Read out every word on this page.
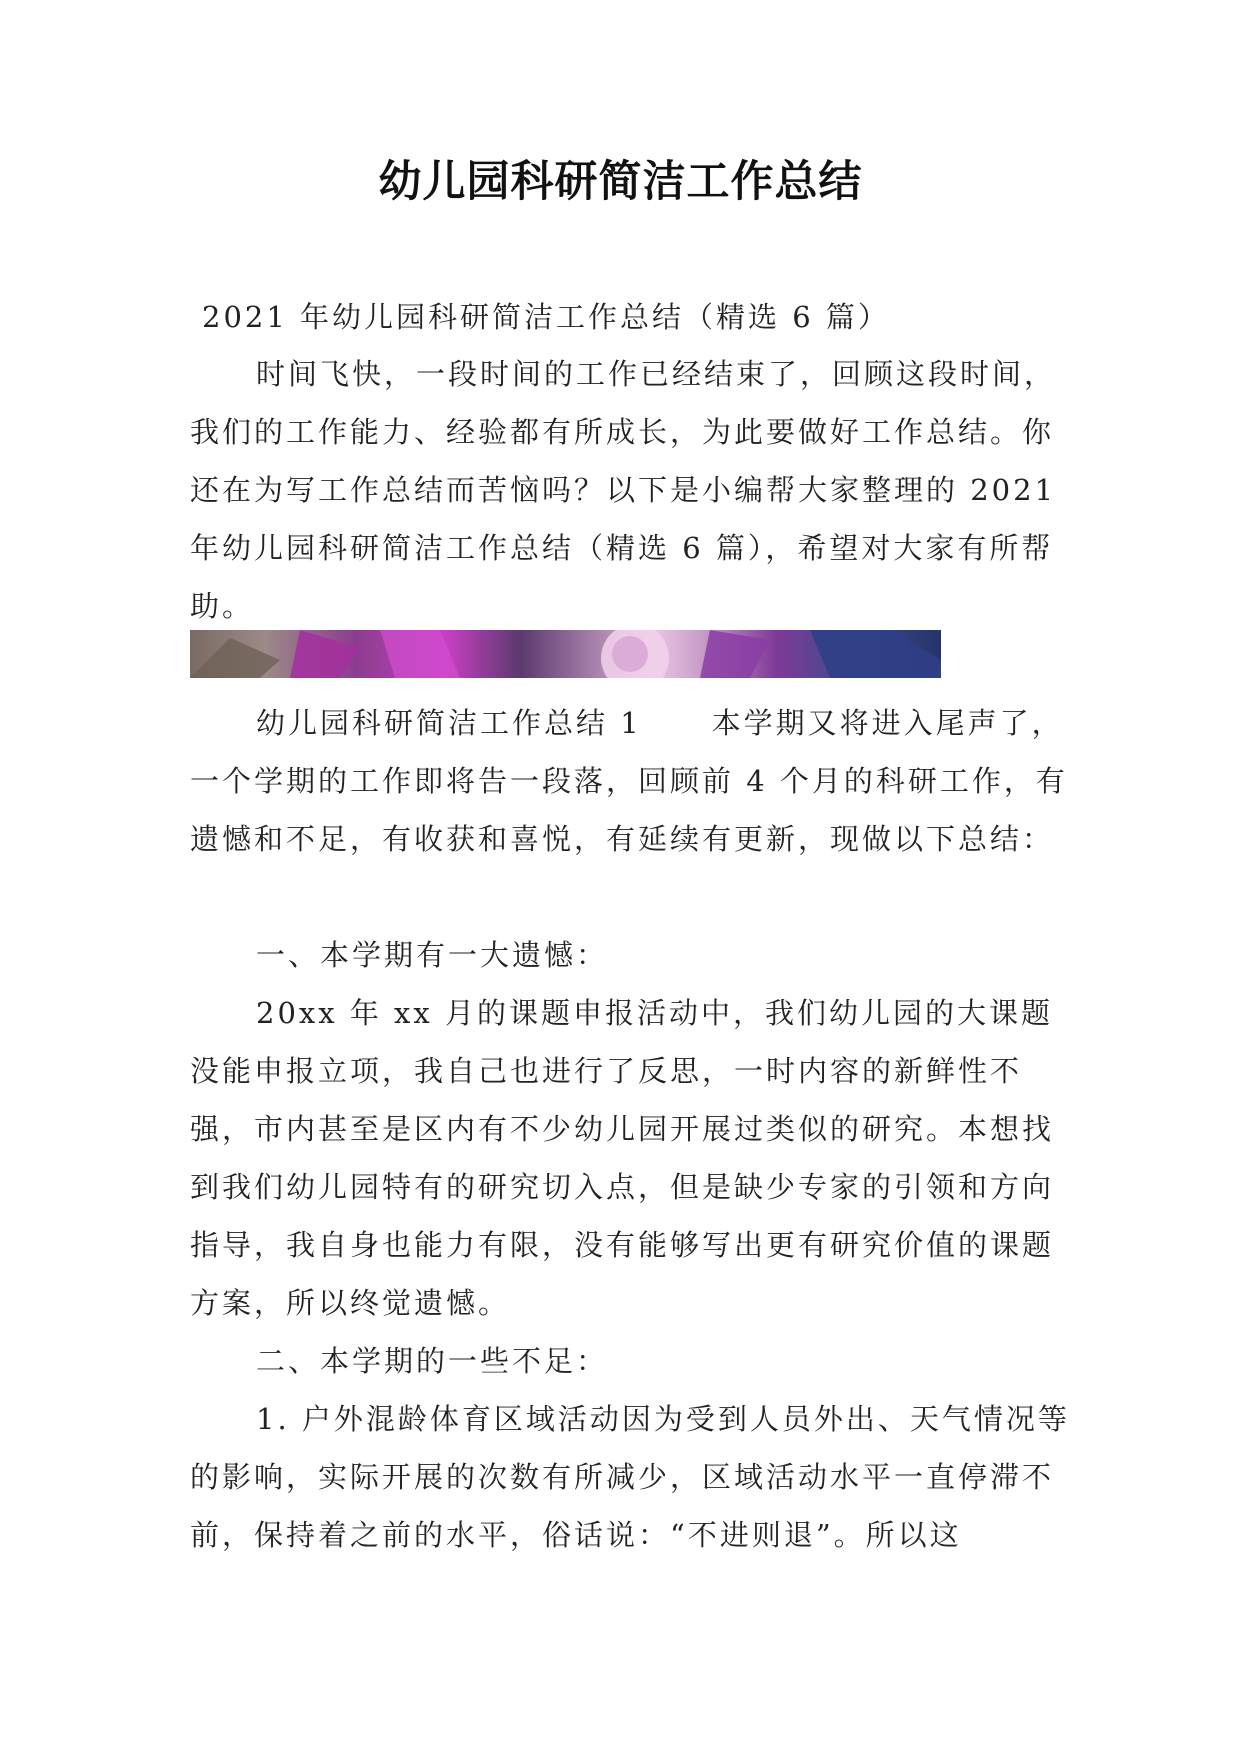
幼儿园科研简洁工作总结
2021 年幼儿园科研简洁工作总结（精选 6 篇）

时间飞快，一段时间的工作已经结束了，回顾这段时间，我们的工作能力、经验都有所成长，为此要做好工作总结。你还在为写工作总结而苦恼吗？以下是小编帮大家整理的 2021 年幼儿园科研简洁工作总结（精选 6 篇），希望对大家有所帮助。

幼儿园科研简洁工作总结 1 本学期又将进入尾声了，一个学期的工作即将告一段落，回顾前 4 个月的科研工作，有遗憾和不足，有收获和喜悦，有延续有更新，现做以下总结：

一、本学期有一大遗憾：

20xx 年 xx 月的课题申报活动中，我们幼儿园的大课题没能申报立项，我自己也进行了反思，一时内容的新鲜性不强，市内甚至是区内有不少幼儿园开展过类似的研究。本想找到我们幼儿园特有的研究切入点，但是缺少专家的引领和方向指导，我自身也能力有限，没有能够写出更有研究价值的课题方案，所以终觉遗憾。

二、本学期的一些不足：

1. 户外混龄体育区域活动因为受到人员外出、天气情况等的影响，实际开展的次数有所减少，区域活动水平一直停滞不前，保持着之前的水平，俗话说：“不进则退”。所以这
